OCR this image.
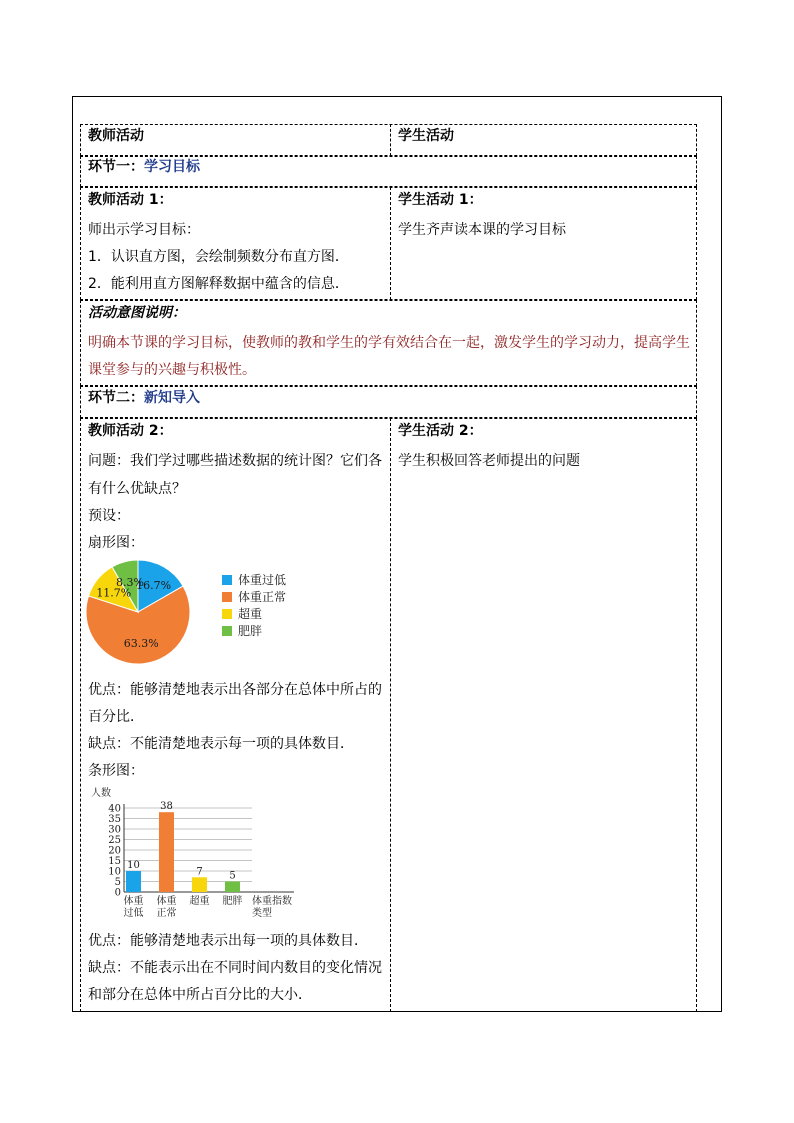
教师活动	学生活动
环节一：学习目标
教师活动 1：
师出示学习目标：
1．认识直方图，会绘制频数分布直方图．
2．能利用直方图解释数据中蕴含的信息．
学生活动 1：
学生齐声读本课的学习目标
活动意图说明：
明确本节课的学习目标，使教师的教和学生的学有效结合在一起，激发学生的学习动力，提高学生
课堂参与的兴趣与积极性。
环节二：新知导入
教师活动 2：
问题：我们学过哪些描述数据的统计图？它们各
有什么优缺点？
预设：
扇形图：
16.7%
63.3%
11.7%
8.3%	体重过低
体重正常
超重
肥胖
优点：能够清楚地表示出各部分在总体中所占的
百分比．
缺点：不能清楚地表示每一项的具体数目．
条形图：
0
5
10
15
20
25
30
35
40
人数
10
体重
过低
38
体重
正常
7
超重
5
肥胖 体重指数
类型
优点：能够清楚地表示出每一项的具体数目．
缺点：不能表示出在不同时间内数目的变化情况
和部分在总体中所占百分比的大小．
学生活动 2：
学生积极回答老师提出的问题
